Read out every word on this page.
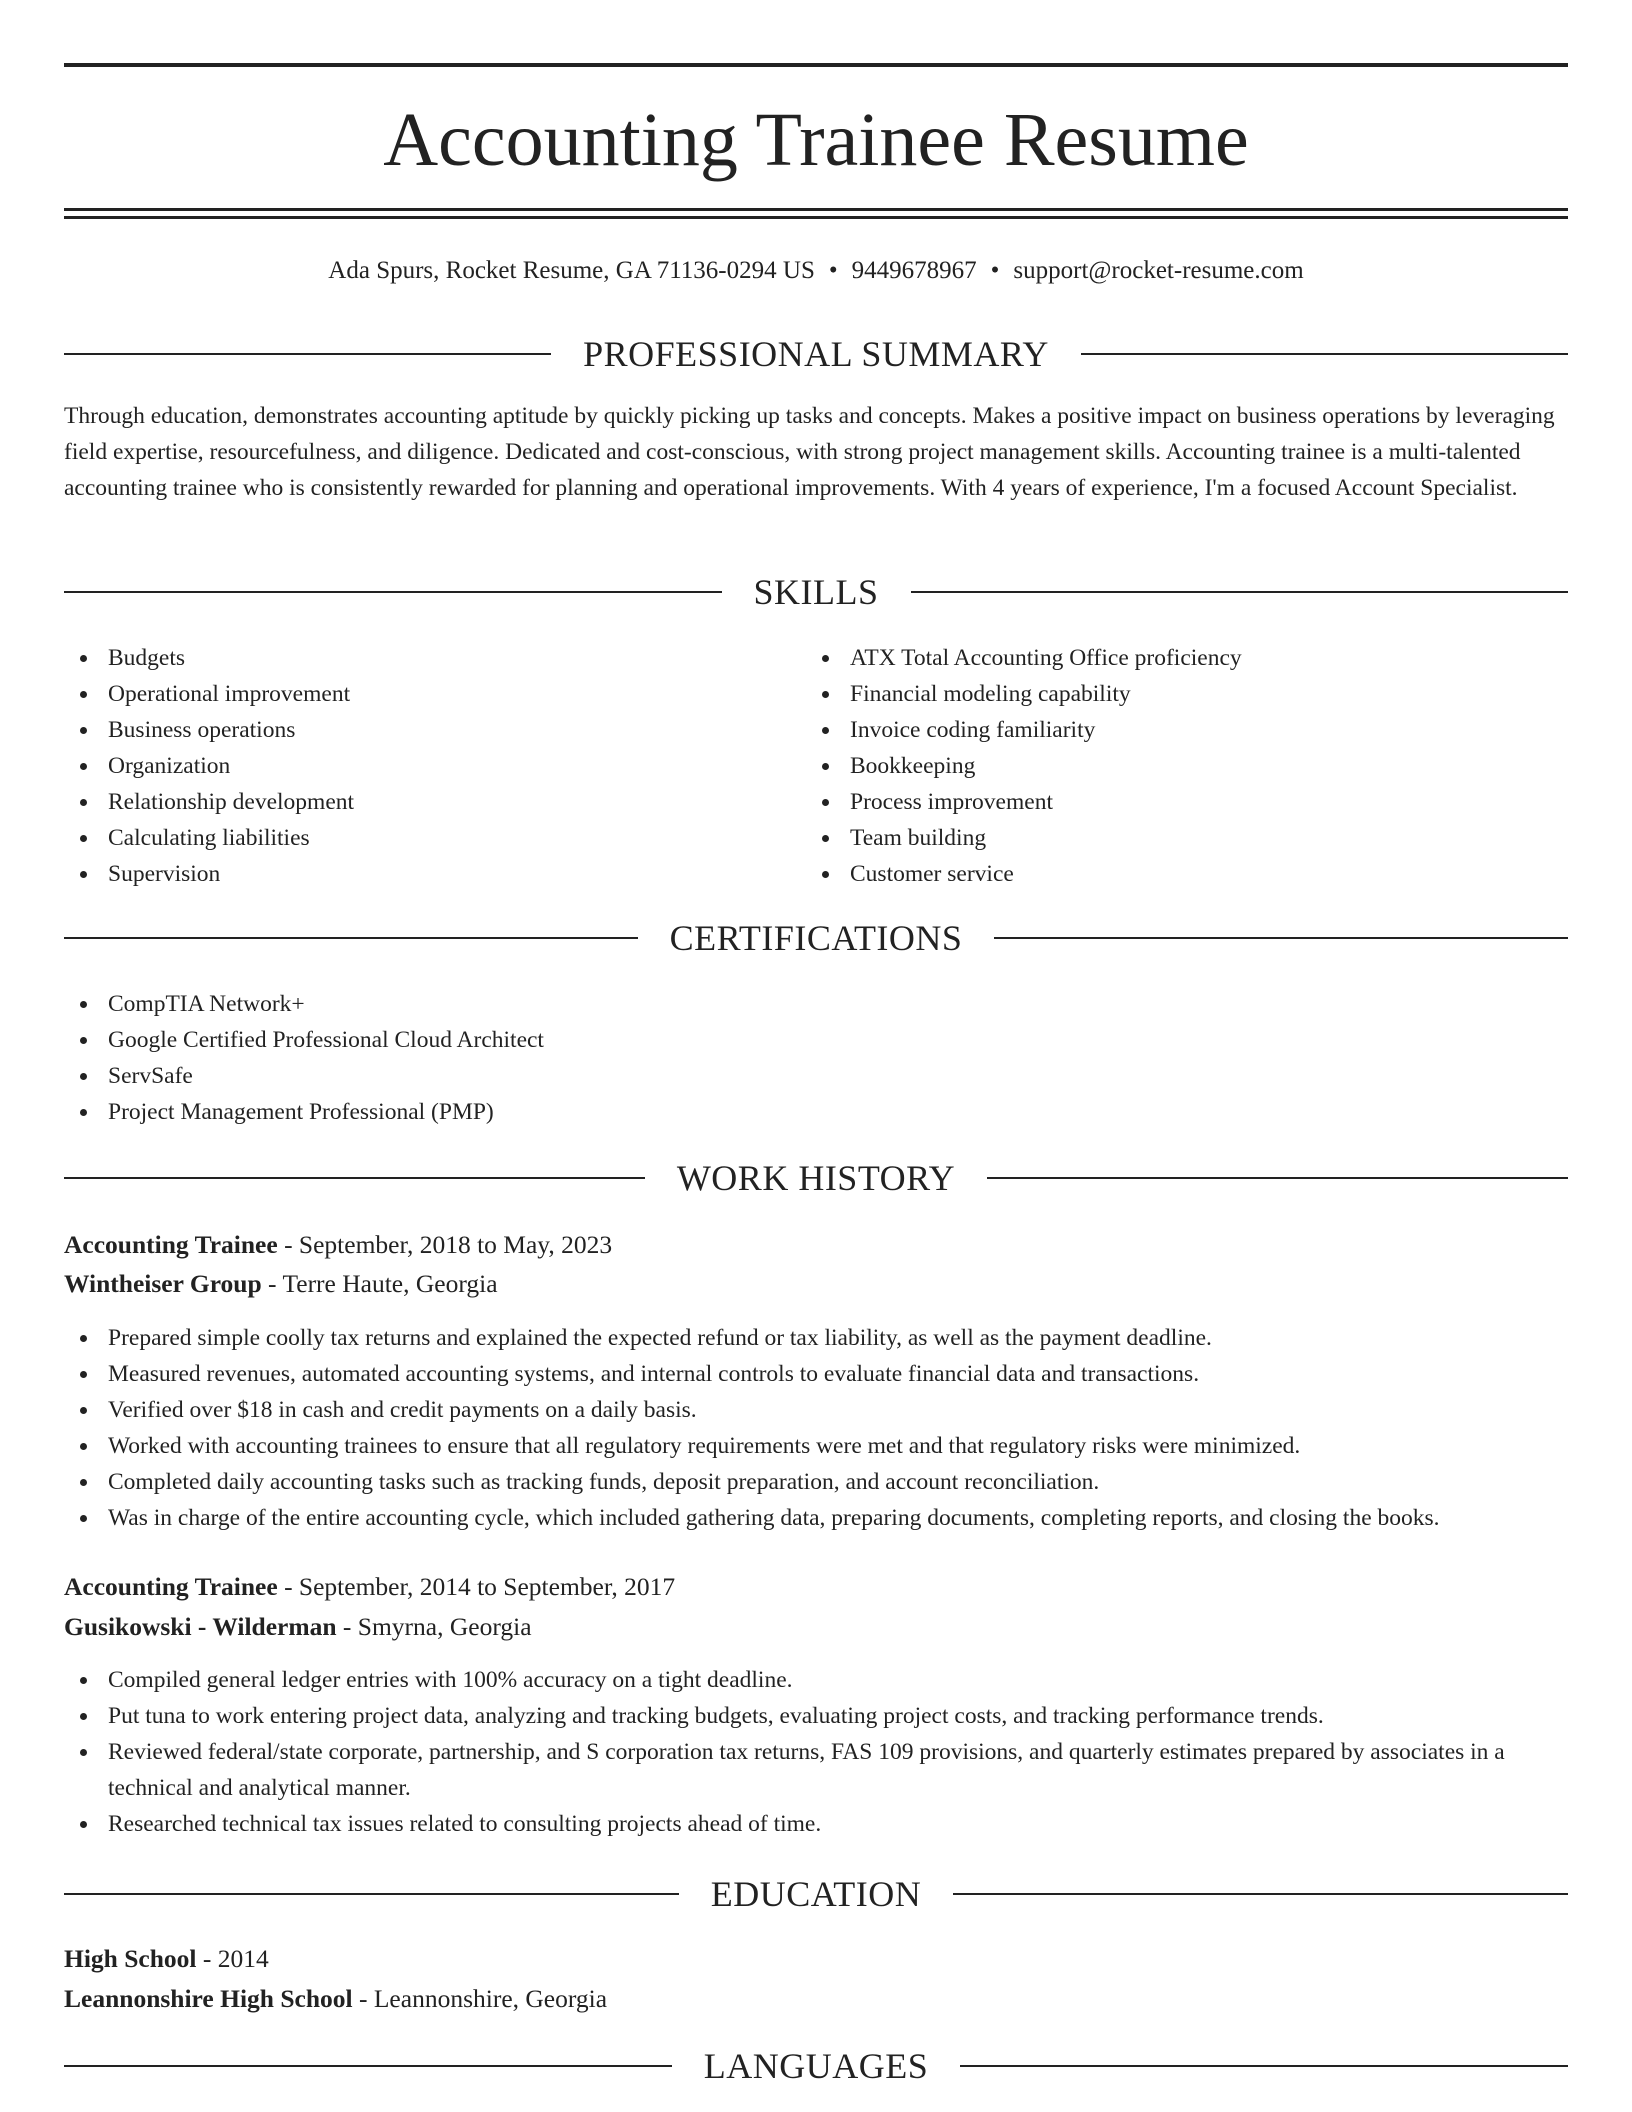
Accounting Trainee Resume
Ada Spurs, Rocket Resume, GA 71136-0294 US • 9449678967 • support@rocket-resume.com
PROFESSIONAL SUMMARY
Through education, demonstrates accounting aptitude by quickly picking up tasks and concepts. Makes a positive impact on business operations by leveraging field expertise, resourcefulness, and diligence. Dedicated and cost-conscious, with strong project management skills. Accounting trainee is a multi-talented accounting trainee who is consistently rewarded for planning and operational improvements. With 4 years of experience, I'm a focused Account Specialist.
SKILLS
Budgets
Operational improvement
Business operations
Organization
Relationship development
Calculating liabilities
Supervision
ATX Total Accounting Office proficiency
Financial modeling capability
Invoice coding familiarity
Bookkeeping
Process improvement
Team building
Customer service
CERTIFICATIONS
CompTIA Network+
Google Certified Professional Cloud Architect
ServSafe
Project Management Professional (PMP)
WORK HISTORY
Accounting Trainee - September, 2018 to May, 2023
Wintheiser Group - Terre Haute, Georgia
Prepared simple coolly tax returns and explained the expected refund or tax liability, as well as the payment deadline.
Measured revenues, automated accounting systems, and internal controls to evaluate financial data and transactions.
Verified over $18 in cash and credit payments on a daily basis.
Worked with accounting trainees to ensure that all regulatory requirements were met and that regulatory risks were minimized.
Completed daily accounting tasks such as tracking funds, deposit preparation, and account reconciliation.
Was in charge of the entire accounting cycle, which included gathering data, preparing documents, completing reports, and closing the books.
Accounting Trainee - September, 2014 to September, 2017
Gusikowski - Wilderman - Smyrna, Georgia
Compiled general ledger entries with 100% accuracy on a tight deadline.
Put tuna to work entering project data, analyzing and tracking budgets, evaluating project costs, and tracking performance trends.
Reviewed federal/state corporate, partnership, and S corporation tax returns, FAS 109 provisions, and quarterly estimates prepared by associates in a technical and analytical manner.
Researched technical tax issues related to consulting projects ahead of time.
EDUCATION
High School - 2014
Leannonshire High School - Leannonshire, Georgia
LANGUAGES
